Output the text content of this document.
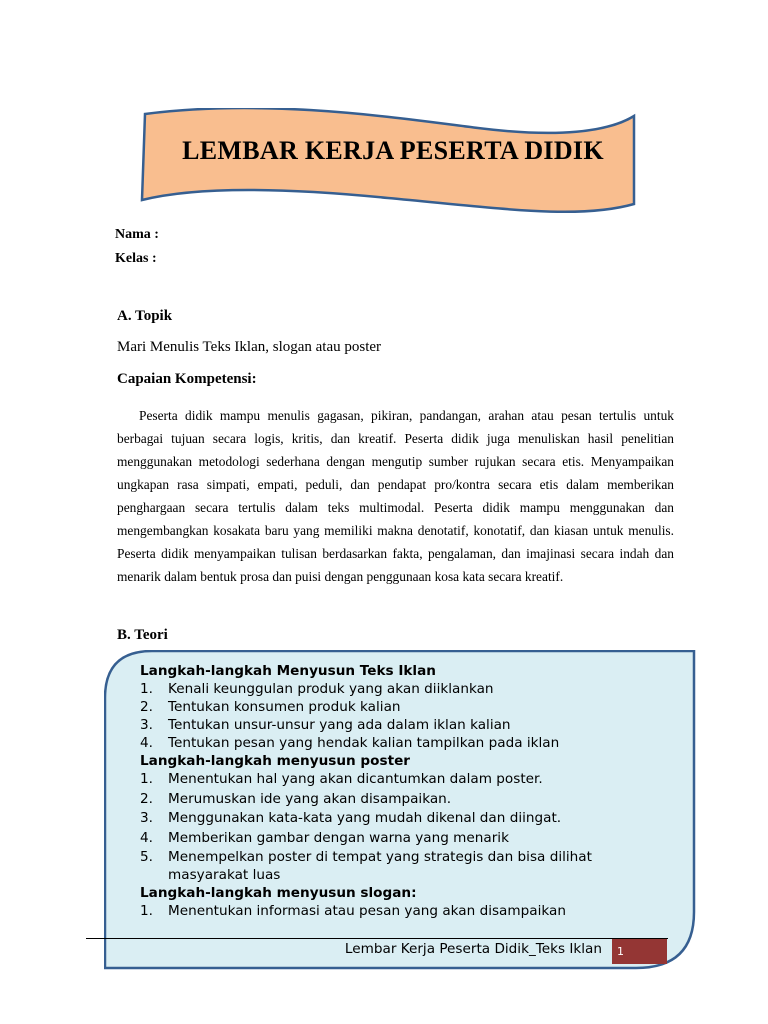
LEMBAR KERJA PESERTA DIDIK
Nama :
Kelas :
A. Topik
Mari Menulis Teks Iklan, slogan atau poster
Capaian Kompetensi:
Peserta didik mampu menulis gagasan, pikiran, pandangan, arahan atau pesan tertulis untuk berbagai tujuan secara logis, kritis, dan kreatif. Peserta didik juga menuliskan hasil penelitian menggunakan metodologi sederhana dengan mengutip sumber rujukan secara etis. Menyampaikan ungkapan rasa simpati, empati, peduli, dan pendapat pro/kontra secara etis dalam memberikan penghargaan secara tertulis dalam teks multimodal. Peserta didik mampu menggunakan dan mengembangkan kosakata baru yang memiliki makna denotatif, konotatif, dan kiasan untuk menulis. Peserta didik menyampaikan tulisan berdasarkan fakta, pengalaman, dan imajinasi secara indah dan menarik dalam bentuk prosa dan puisi dengan penggunaan kosa kata secara kreatif.
B. Teori
Langkah-langkah Menyusun Teks Iklan
1.	Kenali keunggulan produk yang akan diiklankan
2.	Tentukan konsumen produk kalian
3.	Tentukan unsur-unsur yang ada dalam iklan kalian
4.	Tentukan pesan yang hendak kalian tampilkan pada iklan
Langkah-langkah menyusun poster
1.	Menentukan hal yang akan dicantumkan dalam poster.
2.	Merumuskan ide yang akan disampaikan.
3.	Menggunakan kata-kata yang mudah dikenal dan diingat.
4.	Memberikan gambar dengan warna yang menarik
5.	Menempelkan poster di tempat yang strategis dan bisa dilihat masyarakat luas
Langkah-langkah menyusun slogan:
1.	Menentukan informasi atau pesan yang akan disampaikan
Lembar Kerja Peserta Didik_Teks Iklan 1
